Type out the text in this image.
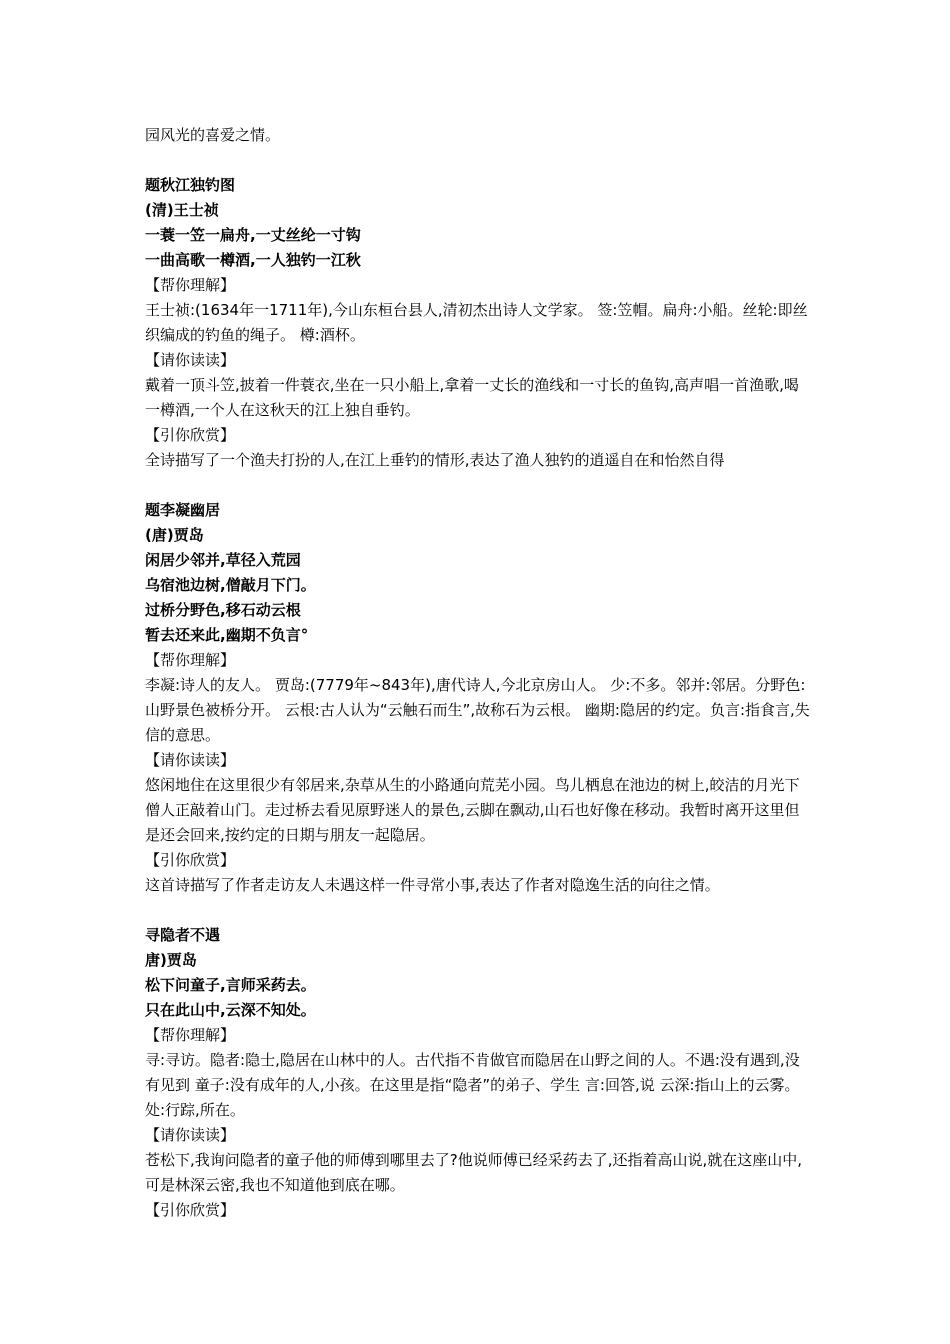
园风光的喜爱之情。

题秋江独钓图

(清)王士祯

一蓑一笠一扁舟,一丈丝纶一寸钩

一曲高歌一樽酒,一人独钓一江秋

【帮你理解】

王士祯:(1634年一1711年),今山东桓台县人,清初杰出诗人文学家。 签:笠帽。扁舟:小船。丝轮:即丝织编成的钓鱼的绳子。 樽:酒杯。

【请你读读】

戴着一顶斗笠,披着一件蓑衣,坐在一只小船上,拿着一丈长的渔线和一寸长的鱼钩,高声唱一首渔歌,喝一樽酒,一个人在这秋天的江上独自垂钓。

【引你欣赏】

全诗描写了一个渔夫打扮的人,在江上垂钓的情形,表达了渔人独钓的逍遥自在和怡然自得

题李凝幽居

(唐)贾岛

闲居少邻并,草径入荒园

乌宿池边树,僧敲月下门。

过桥分野色,移石动云根

暂去还来此,幽期不负言°

【帮你理解】

李凝:诗人的友人。 贾岛:(7779年~843年),唐代诗人,今北京房山人。 少:不多。邻并:邻居。分野色:山野景色被桥分开。 云根:古人认为“云触石而生”,故称石为云根。 幽期:隐居的约定。负言:指食言,失信的意思。

【请你读读】

悠闲地住在这里很少有邻居来,杂草从生的小路通向荒芜小园。鸟儿栖息在池边的树上,皎洁的月光下僧人正敲着山门。走过桥去看见原野迷人的景色,云脚在飘动,山石也好像在移动。我暂时离开这里但是还会回来,按约定的日期与朋友一起隐居。

【引你欣赏】

这首诗描写了作者走访友人未遇这样一件寻常小事,表达了作者对隐逸生活的向往之情。

寻隐者不遇

唐)贾岛

松下问童子,言师采药去。

只在此山中,云深不知处。

【帮你理解】

寻:寻访。隐者:隐士,隐居在山林中的人。古代指不肯做官而隐居在山野之间的人。不遇:没有遇到,没有见到 童子:没有成年的人,小孩。在这里是指“隐者”的弟子、学生 言:回答,说 云深:指山上的云雾。处:行踪,所在。

【请你读读】

苍松下,我询问隐者的童子他的师傅到哪里去了?他说师傅已经采药去了,还指着高山说,就在这座山中,可是林深云密,我也不知道他到底在哪。

【引你欣赏】
